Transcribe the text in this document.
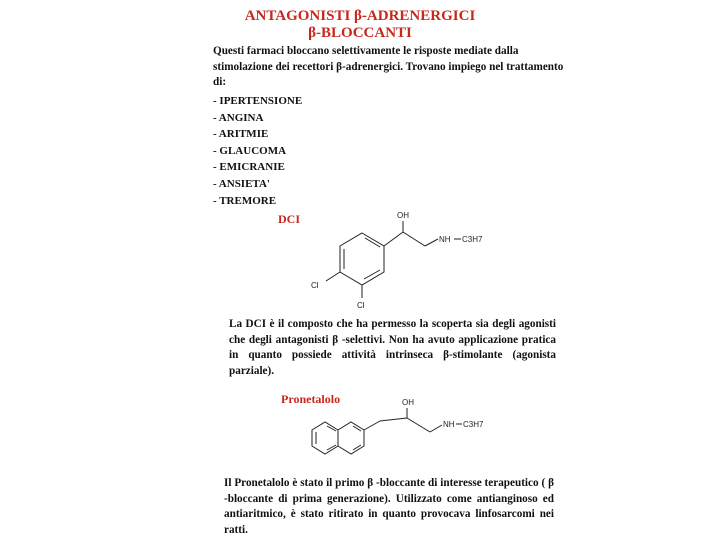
ANTAGONISTI β-ADRENERGICI
β-BLOCCANTI
Questi farmaci bloccano selettivamente le risposte mediate dalla stimolazione dei recettori β-adrenergici. Trovano impiego nel trattamento di:
- IPERTENSIONE
- ANGINA
- ARITMIE
- GLAUCOMA
- EMICRANIE
- ANSIETA'
- TREMORE
DCI	OH
NH C3H7
Cl
Cl
OH
NH C3H7
La DCI è il composto che ha permesso la scoperta sia degli agonisti che degli antagonisti β -selettivi. Non ha avuto applicazione pratica in quanto possiede attività intrinseca β-stimolante (agonista parziale).
Pronetalolo
Il Pronetalolo è stato il primo β -bloccante di interesse terapeutico ( β -bloccante di prima generazione). Utilizzato come antianginoso ed antiaritmico, è stato ritirato in quanto provocava linfosarcomi nei ratti.
